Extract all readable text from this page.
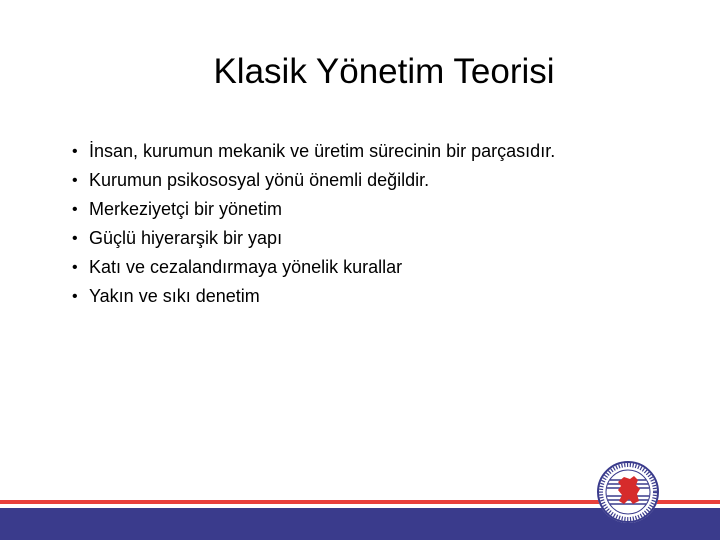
Klasik Yönetim Teorisi
• İnsan, kurumun mekanik ve üretim sürecinin bir parçasıdır.
• Kurumun psikososyal yönü önemli değildir.
• Merkeziyetçi bir yönetim
• Güçlü hiyerarşik bir yapı
• Katı ve cezalandırmaya yönelik kurallar
• Yakın ve sıkı denetim
